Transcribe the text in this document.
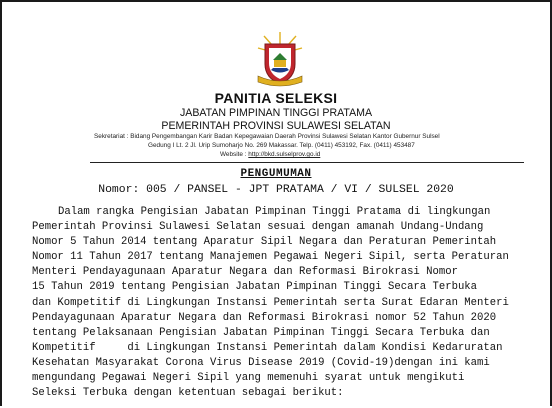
PANITIA SELEKSI
JABATAN PIMPINAN TINGGI PRATAMA
PEMERINTAH PROVINSI SULAWESI SELATAN
Sekretariat : Bidang Pengembangan Karir Badan Kepegawaian Daerah Provinsi Sulawesi Selatan Kantor Gubernur Sulsel
Gedung I Lt. 2 Jl. Urip Sumoharjo No. 269 Makassar. Telp. (0411) 453192, Fax. (0411) 453487
Website : http://bkd.sulselprov.go.id
PENGUMUMAN
Nomor: 005 / PANSEL - JPT PRATAMA / VI / SULSEL 2020
Dalam rangka Pengisian Jabatan Pimpinan Tinggi Pratama di lingkungan
Pemerintah Provinsi Sulawesi Selatan sesuai dengan amanah Undang-Undang
Nomor 5 Tahun 2014 tentang Aparatur Sipil Negara dan Peraturan Pemerintah
Nomor 11 Tahun 2017 tentang Manajemen Pegawai Negeri Sipil, serta Peraturan
Menteri Pendayagunaan Aparatur Negara dan Reformasi Birokrasi Nomor
15 Tahun 2019 tentang Pengisian Jabatan Pimpinan Tinggi Secara Terbuka
dan Kompetitif di Lingkungan Instansi Pemerintah serta Surat Edaran Menteri
Pendayagunaan Aparatur Negara dan Reformasi Birokrasi nomor 52 Tahun 2020
tentang Pelaksanaan Pengisian Jabatan Pimpinan Tinggi Secara Terbuka dan
Kompetitif     di Lingkungan Instansi Pemerintah dalam Kondisi Kedaruratan
Kesehatan Masyarakat Corona Virus Disease 2019 (Covid-19)dengan ini kami
mengundang Pegawai Negeri Sipil yang memenuhi syarat untuk mengikuti
Seleksi Terbuka dengan ketentuan sebagai berikut:
